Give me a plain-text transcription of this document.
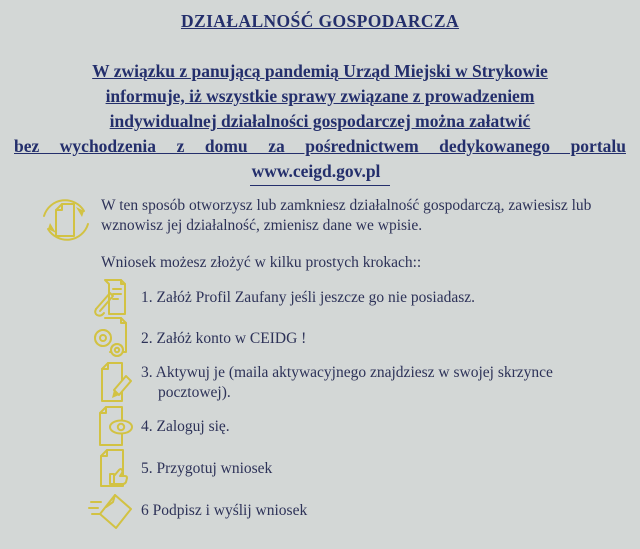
DZIAŁALNOŚĆ GOSPODARCZA
W związku z panującą pandemią Urząd Miejski w Strykowie
informuje, iż wszystkie sprawy związane z prowadzeniem
indywidualnej działalności gospodarczej można załatwić
bez wychodzenia z domu za pośrednictwem dedykowanego portalu
www.ceigd.gov.pl
W ten sposób otworzysz lub zamkniesz działalność gospodarczą, zawiesisz lub wznowisz jej działalność, zmienisz dane we wpisie.
Wniosek możesz złożyć w kilku prostych krokach::
1. Załóż Profil Zaufany jeśli jeszcze go nie posiadasz.
2. Załóż konto w CEIDG !
3. Aktywuj je (maila aktywacyjnego znajdziesz w swojej skrzynce
pocztowej).
4. Zaloguj się.
5. Przygotuj wniosek
6 Podpisz i wyślij wniosek
